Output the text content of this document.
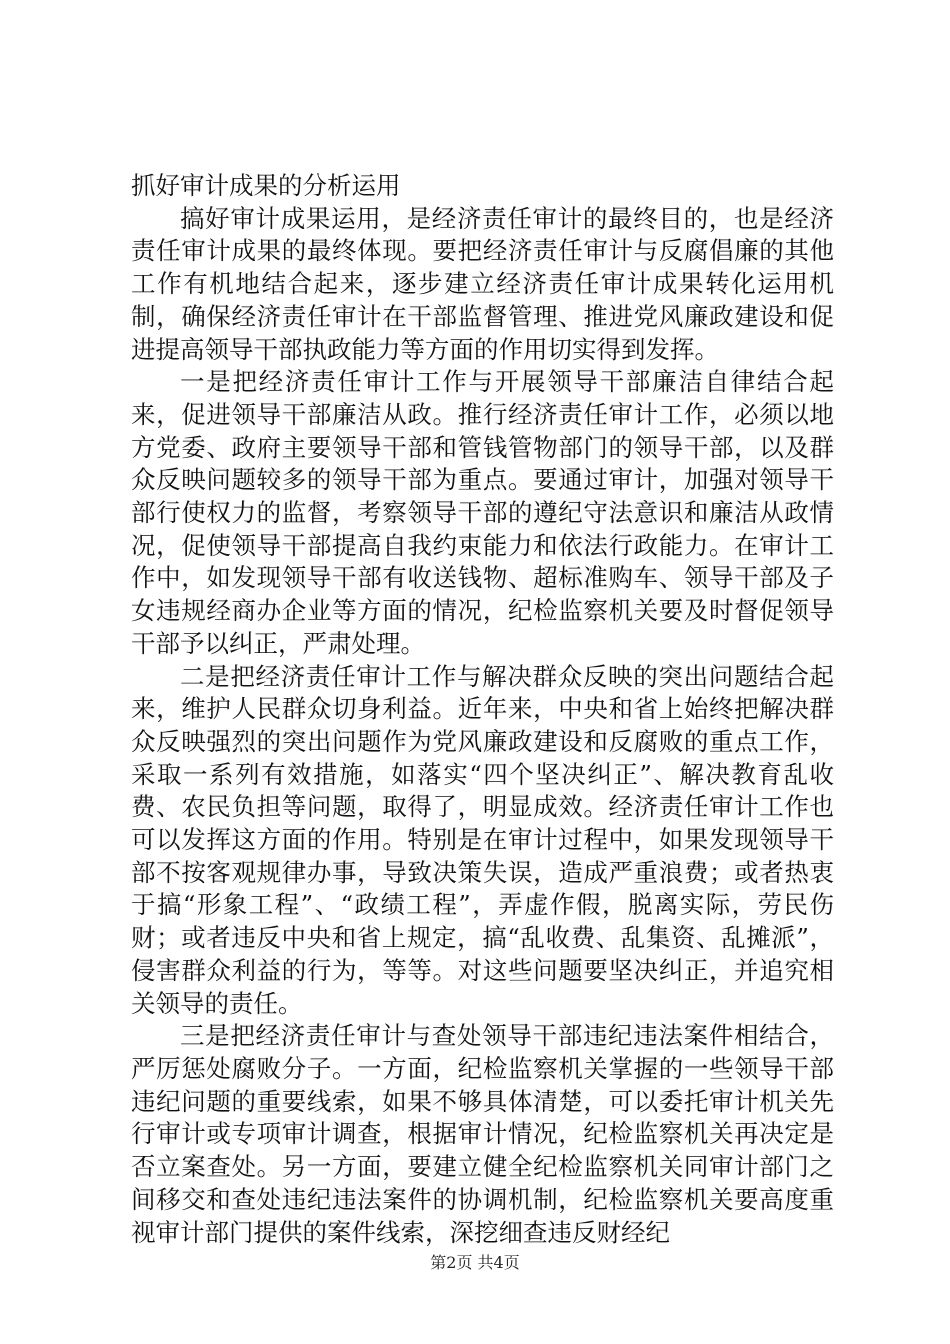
抓好审计成果的分析运用

搞好审计成果运用，是经济责任审计的最终目的，也是经济责任审计成果的最终体现。要把经济责任审计与反腐倡廉的其他工作有机地结合起来，逐步建立经济责任审计成果转化运用机制，确保经济责任审计在干部监督管理、推进党风廉政建设和促进提高领导干部执政能力等方面的作用切实得到发挥。

一是把经济责任审计工作与开展领导干部廉洁自律结合起来，促进领导干部廉洁从政。推行经济责任审计工作，必须以地方党委、政府主要领导干部和管钱管物部门的领导干部，以及群众反映问题较多的领导干部为重点。要通过审计，加强对领导干部行使权力的监督，考察领导干部的遵纪守法意识和廉洁从政情况，促使领导干部提高自我约束能力和依法行政能力。在审计工作中，如发现领导干部有收送钱物、超标准购车、领导干部及子女违规经商办企业等方面的情况，纪检监察机关要及时督促领导干部予以纠正，严肃处理。

二是把经济责任审计工作与解决群众反映的突出问题结合起来，维护人民群众切身利益。近年来，中央和省上始终把解决群众反映强烈的突出问题作为党风廉政建设和反腐败的重点工作，采取一系列有效措施，如落实“四个坚决纠正”、解决教育乱收费、农民负担等问题，取得了，明显成效。经济责任审计工作也可以发挥这方面的作用。特别是在审计过程中，如果发现领导干部不按客观规律办事，导致决策失误，造成严重浪费；或者热衷于搞“形象工程”、“政绩工程”，弄虚作假，脱离实际，劳民伤财；或者违反中央和省上规定，搞“乱收费、乱集资、乱摊派”，侵害群众利益的行为，等等。对这些问题要坚决纠正，并追究相关领导的责任。

三是把经济责任审计与查处领导干部违纪违法案件相结合，严厉惩处腐败分子。一方面，纪检监察机关掌握的一些领导干部违纪问题的重要线索，如果不够具体清楚，可以委托审计机关先行审计或专项审计调查，根据审计情况，纪检监察机关再决定是否立案查处。另一方面，要建立健全纪检监察机关同审计部门之间移交和查处违纪违法案件的协调机制，纪检监察机关要高度重视审计部门提供的案件线索，深挖细查违反财经纪

第2页 共4页
